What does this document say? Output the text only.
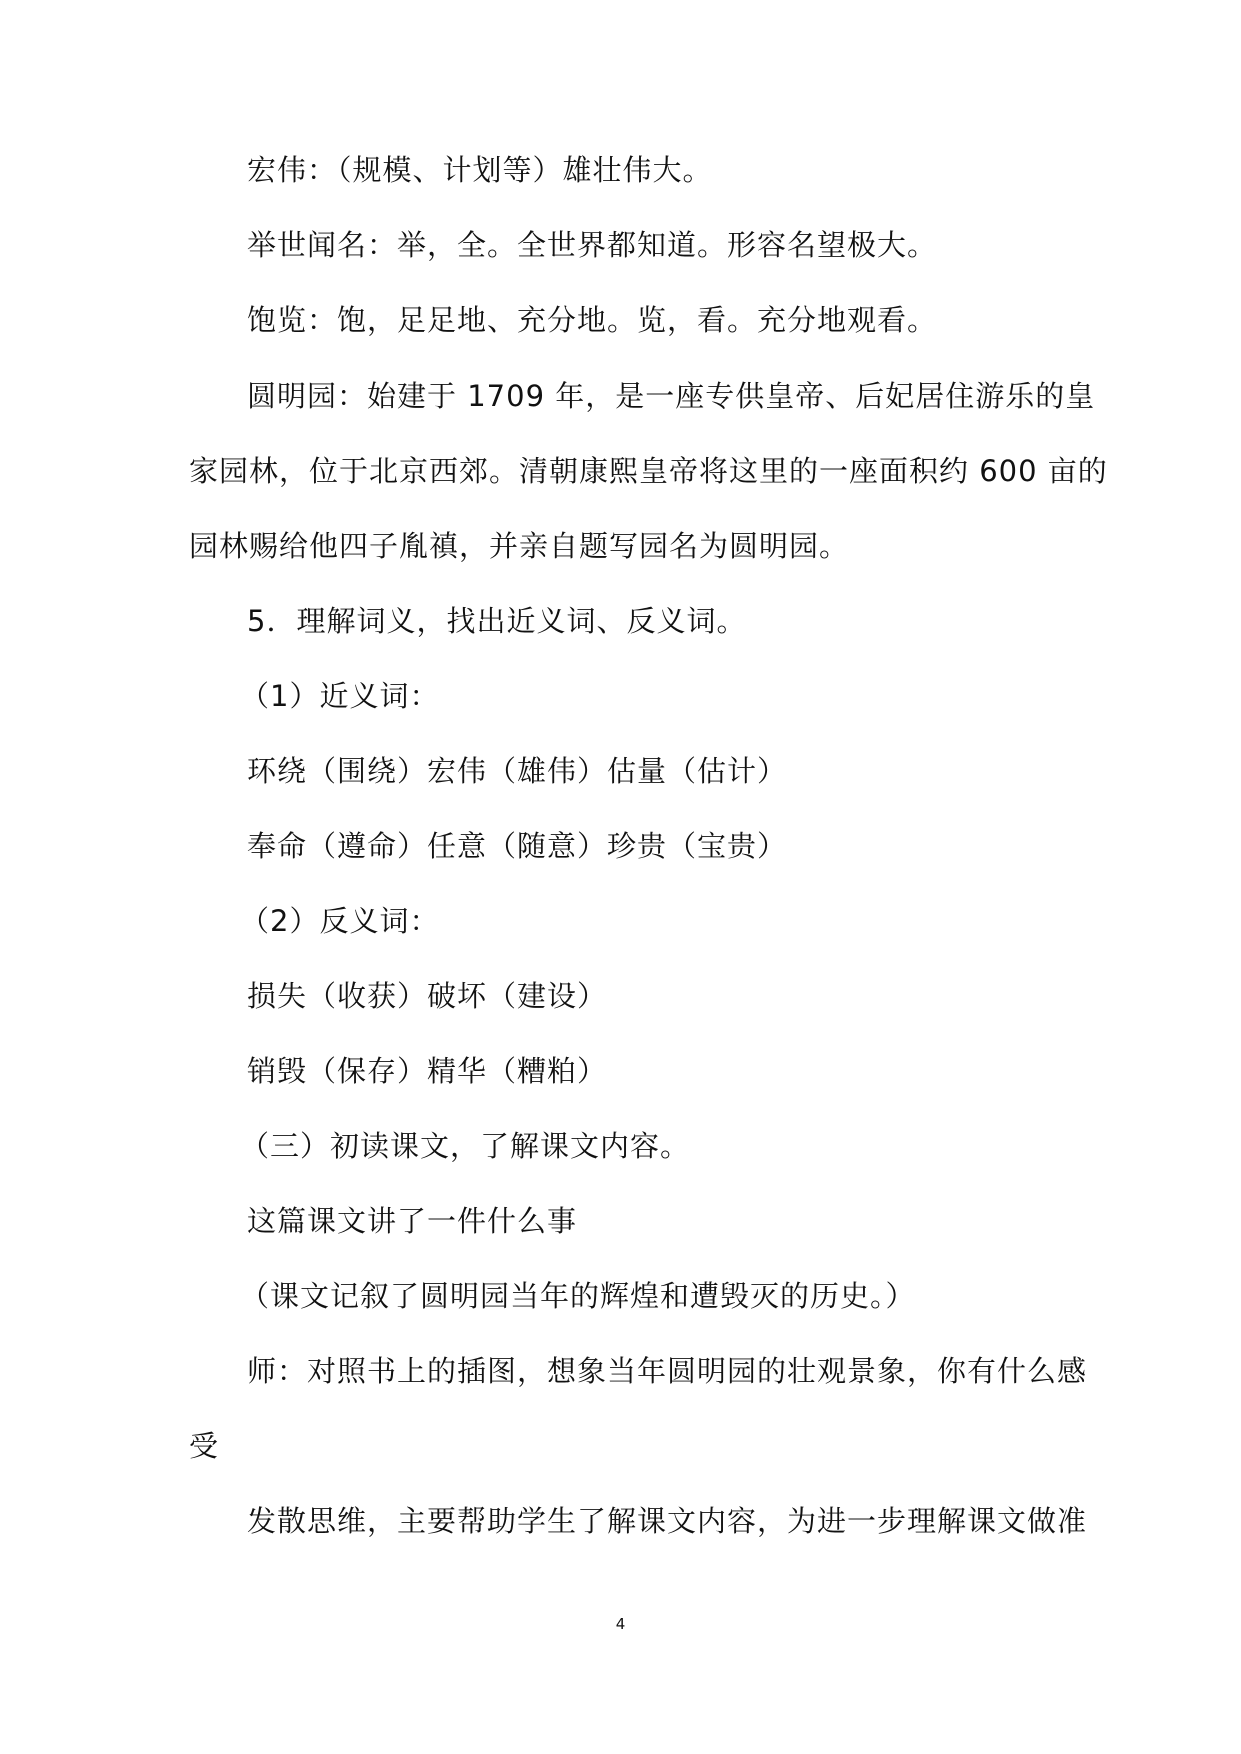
宏伟：（规模、计划等）雄壮伟大。
举世闻名：举，全。全世界都知道。形容名望极大。
饱览：饱，足足地、充分地。览，看。充分地观看。
圆明园：始建于 1709 年，是一座专供皇帝、后妃居住游乐的皇
家园林，位于北京西郊。清朝康熙皇帝将这里的一座面积约 600 亩的
园林赐给他四子胤禛，并亲自题写园名为圆明园。
5．理解词义，找出近义词、反义词。
（1）近义词：
环绕（围绕）宏伟（雄伟）估量（估计）
奉命（遵命）任意（随意）珍贵（宝贵）
（2）反义词：
损失（收获）破坏（建设）
销毁（保存）精华（糟粕）
（三）初读课文，了解课文内容。
这篇课文讲了一件什么事
（课文记叙了圆明园当年的辉煌和遭毁灭的历史。）
师：对照书上的插图，想象当年圆明园的壮观景象，你有什么感
受
发散思维，主要帮助学生了解课文内容，为进一步理解课文做准
4
